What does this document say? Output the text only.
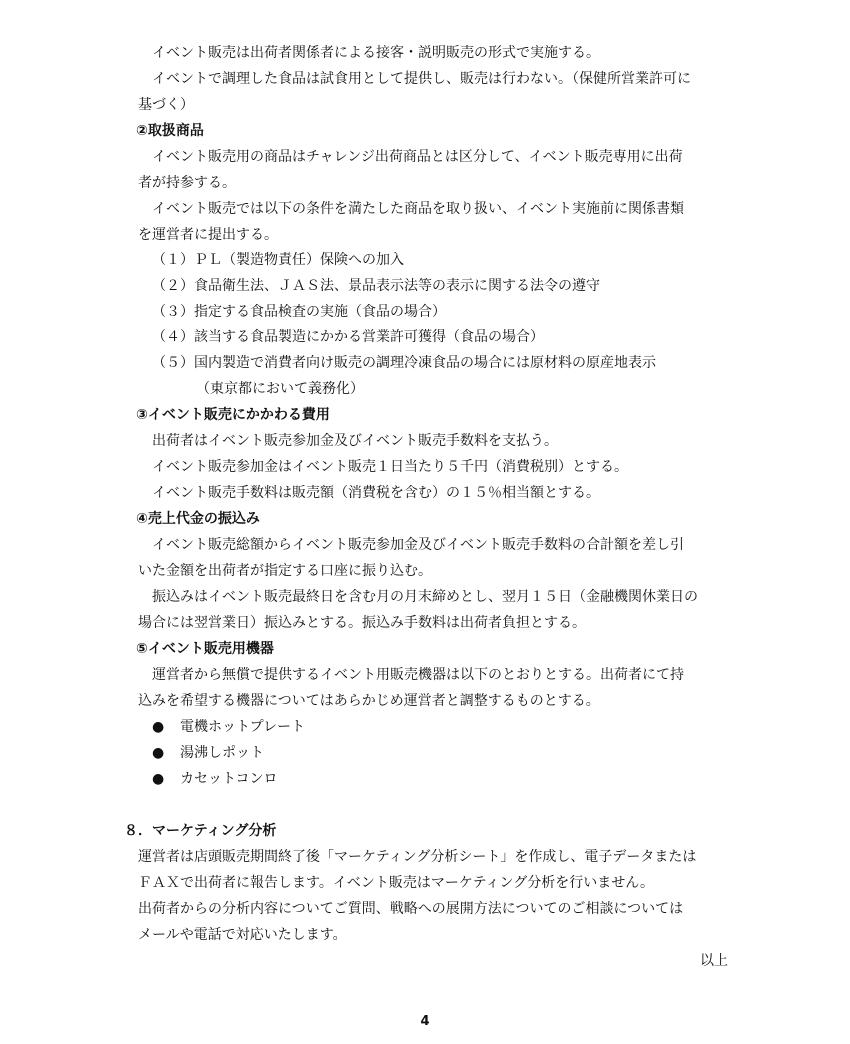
イベント販売は出荷者関係者による接客・説明販売の形式で実施する。
イベントで調理した食品は試食用として提供し、販売は行わない。（保健所営業許可に
基づく）
②取扱商品
イベント販売用の商品はチャレンジ出荷商品とは区分して、イベント販売専用に出荷
者が持参する。
イベント販売では以下の条件を満たした商品を取り扱い、イベント実施前に関係書類
を運営者に提出する。
（１）ＰＬ（製造物責任）保険への加入
（２）食品衛生法、ＪＡＳ法、景品表示法等の表示に関する法令の遵守
（３）指定する食品検査の実施（食品の場合）
（４）該当する食品製造にかかる営業許可獲得（食品の場合）
（５）国内製造で消費者向け販売の調理冷凍食品の場合には原材料の原産地表示
（東京都において義務化）
③イベント販売にかかわる費用
出荷者はイベント販売参加金及びイベント販売手数料を支払う。
イベント販売参加金はイベント販売１日当たり５千円（消費税別）とする。
イベント販売手数料は販売額（消費税を含む）の１５％相当額とする。
④売上代金の振込み
イベント販売総額からイベント販売参加金及びイベント販売手数料の合計額を差し引
いた金額を出荷者が指定する口座に振り込む。
振込みはイベント販売最終日を含む月の月末締めとし、翌月１５日（金融機関休業日の
場合には翌営業日）振込みとする。振込み手数料は出荷者負担とする。
⑤イベント販売用機器
運営者から無償で提供するイベント用販売機器は以下のとおりとする。出荷者にて持
込みを希望する機器についてはあらかじめ運営者と調整するものとする。
● 電機ホットプレート
● 湯沸しポット
● カセットコンロ
８．マーケティング分析
運営者は店頭販売期間終了後「マーケティング分析シート」を作成し、電子データまたは
ＦＡＸで出荷者に報告します。イベント販売はマーケティング分析を行いません。
出荷者からの分析内容についてご質問、戦略への展開方法についてのご相談については
メールや電話で対応いたします。
以上
4
